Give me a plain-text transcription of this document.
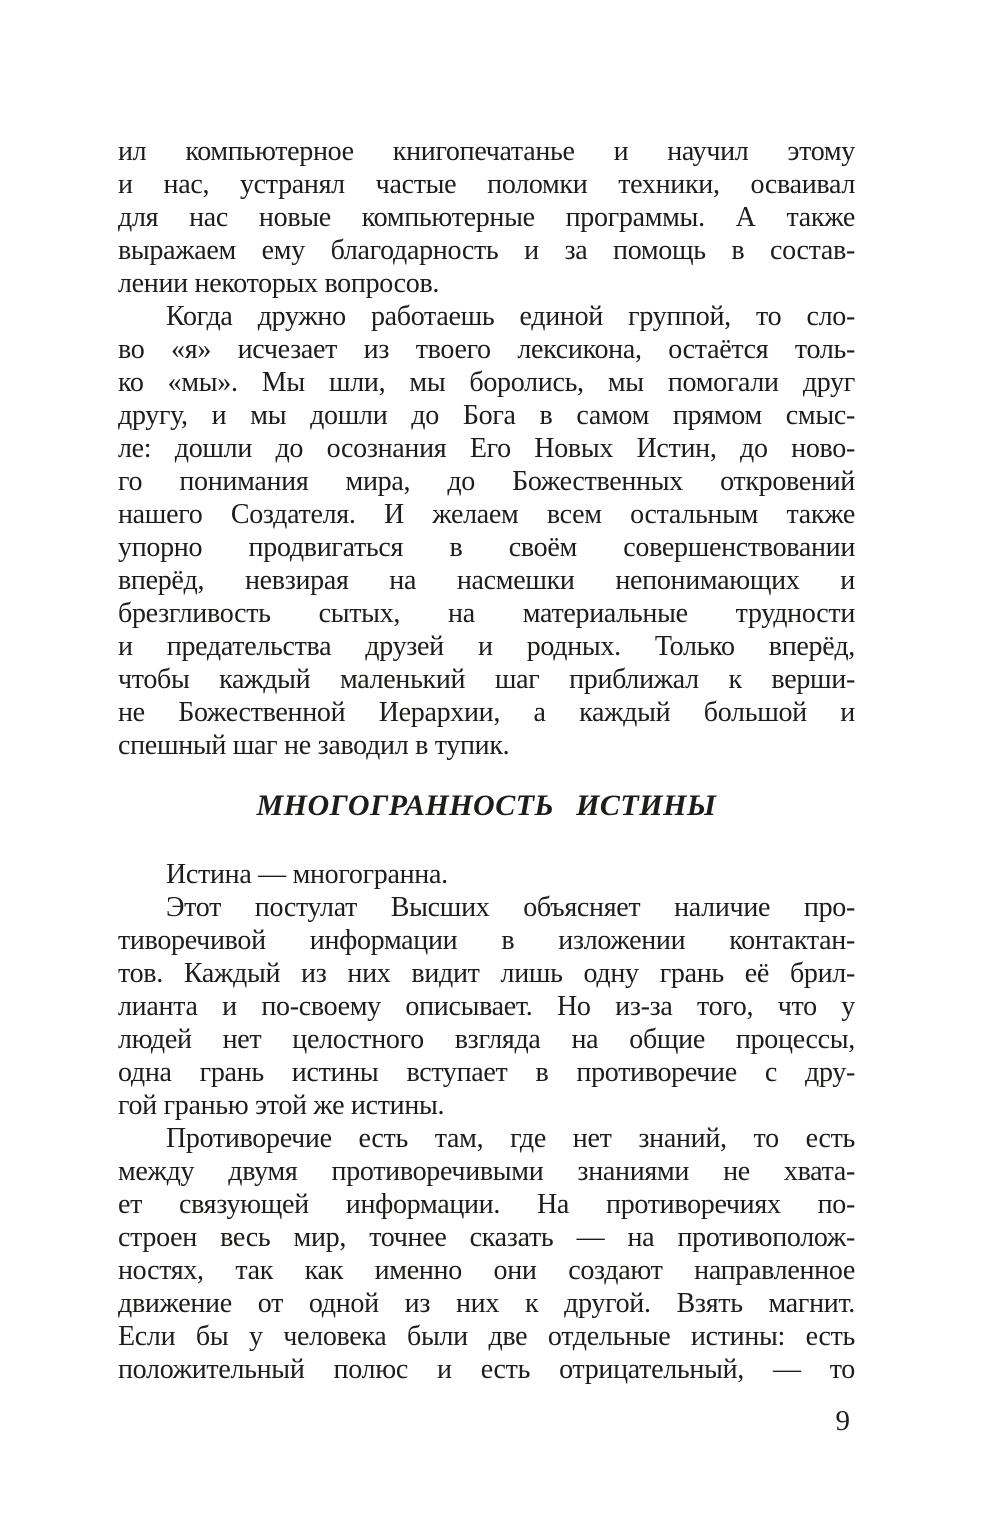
ил компьютерное книгопечатанье и научил этому
и нас, устранял частые поломки техники, осваивал
для нас новые компьютерные программы. А также
выражаем ему благодарность и за помощь в состав-
лении некоторых вопросов.
Когда дружно работаешь единой группой, то сло-
во «я» исчезает из твоего лексикона, остаётся толь-
ко «мы». Мы шли, мы боролись, мы помогали друг
другу, и мы дошли до Бога в самом прямом смыс-
ле: дошли до осознания Его Новых Истин, до ново-
го понимания мира, до Божественных откровений
нашего Создателя. И желаем всем остальным также
упорно продвигаться в своём совершенствовании
вперёд, невзирая на насмешки непонимающих и
брезгливость сытых, на материальные трудности
и предательства друзей и родных. Только вперёд,
чтобы каждый маленький шаг приближал к верши-
не Божественной Иерархии, а каждый большой и
спешный шаг не заводил в тупик.
МНОГОГРАННОСТЬ ИСТИНЫ
Истина — многогранна.
Этот постулат Высших объясняет наличие про-
тиворечивой информации в изложении контактан-
тов. Каждый из них видит лишь одну грань её брил-
лианта и по-своему описывает. Но из-за того, что у
людей нет целостного взгляда на общие процессы,
одна грань истины вступает в противоречие с дру-
гой гранью этой же истины.
Противоречие есть там, где нет знаний, то есть
между двумя противоречивыми знаниями не хвата-
ет связующей информации. На противоречиях по-
строен весь мир, точнее сказать — на противополож-
ностях, так как именно они создают направленное
движение от одной из них к другой. Взять магнит.
Если бы у человека были две отдельные истины: есть
положительный полюс и есть отрицательный, — то
9
